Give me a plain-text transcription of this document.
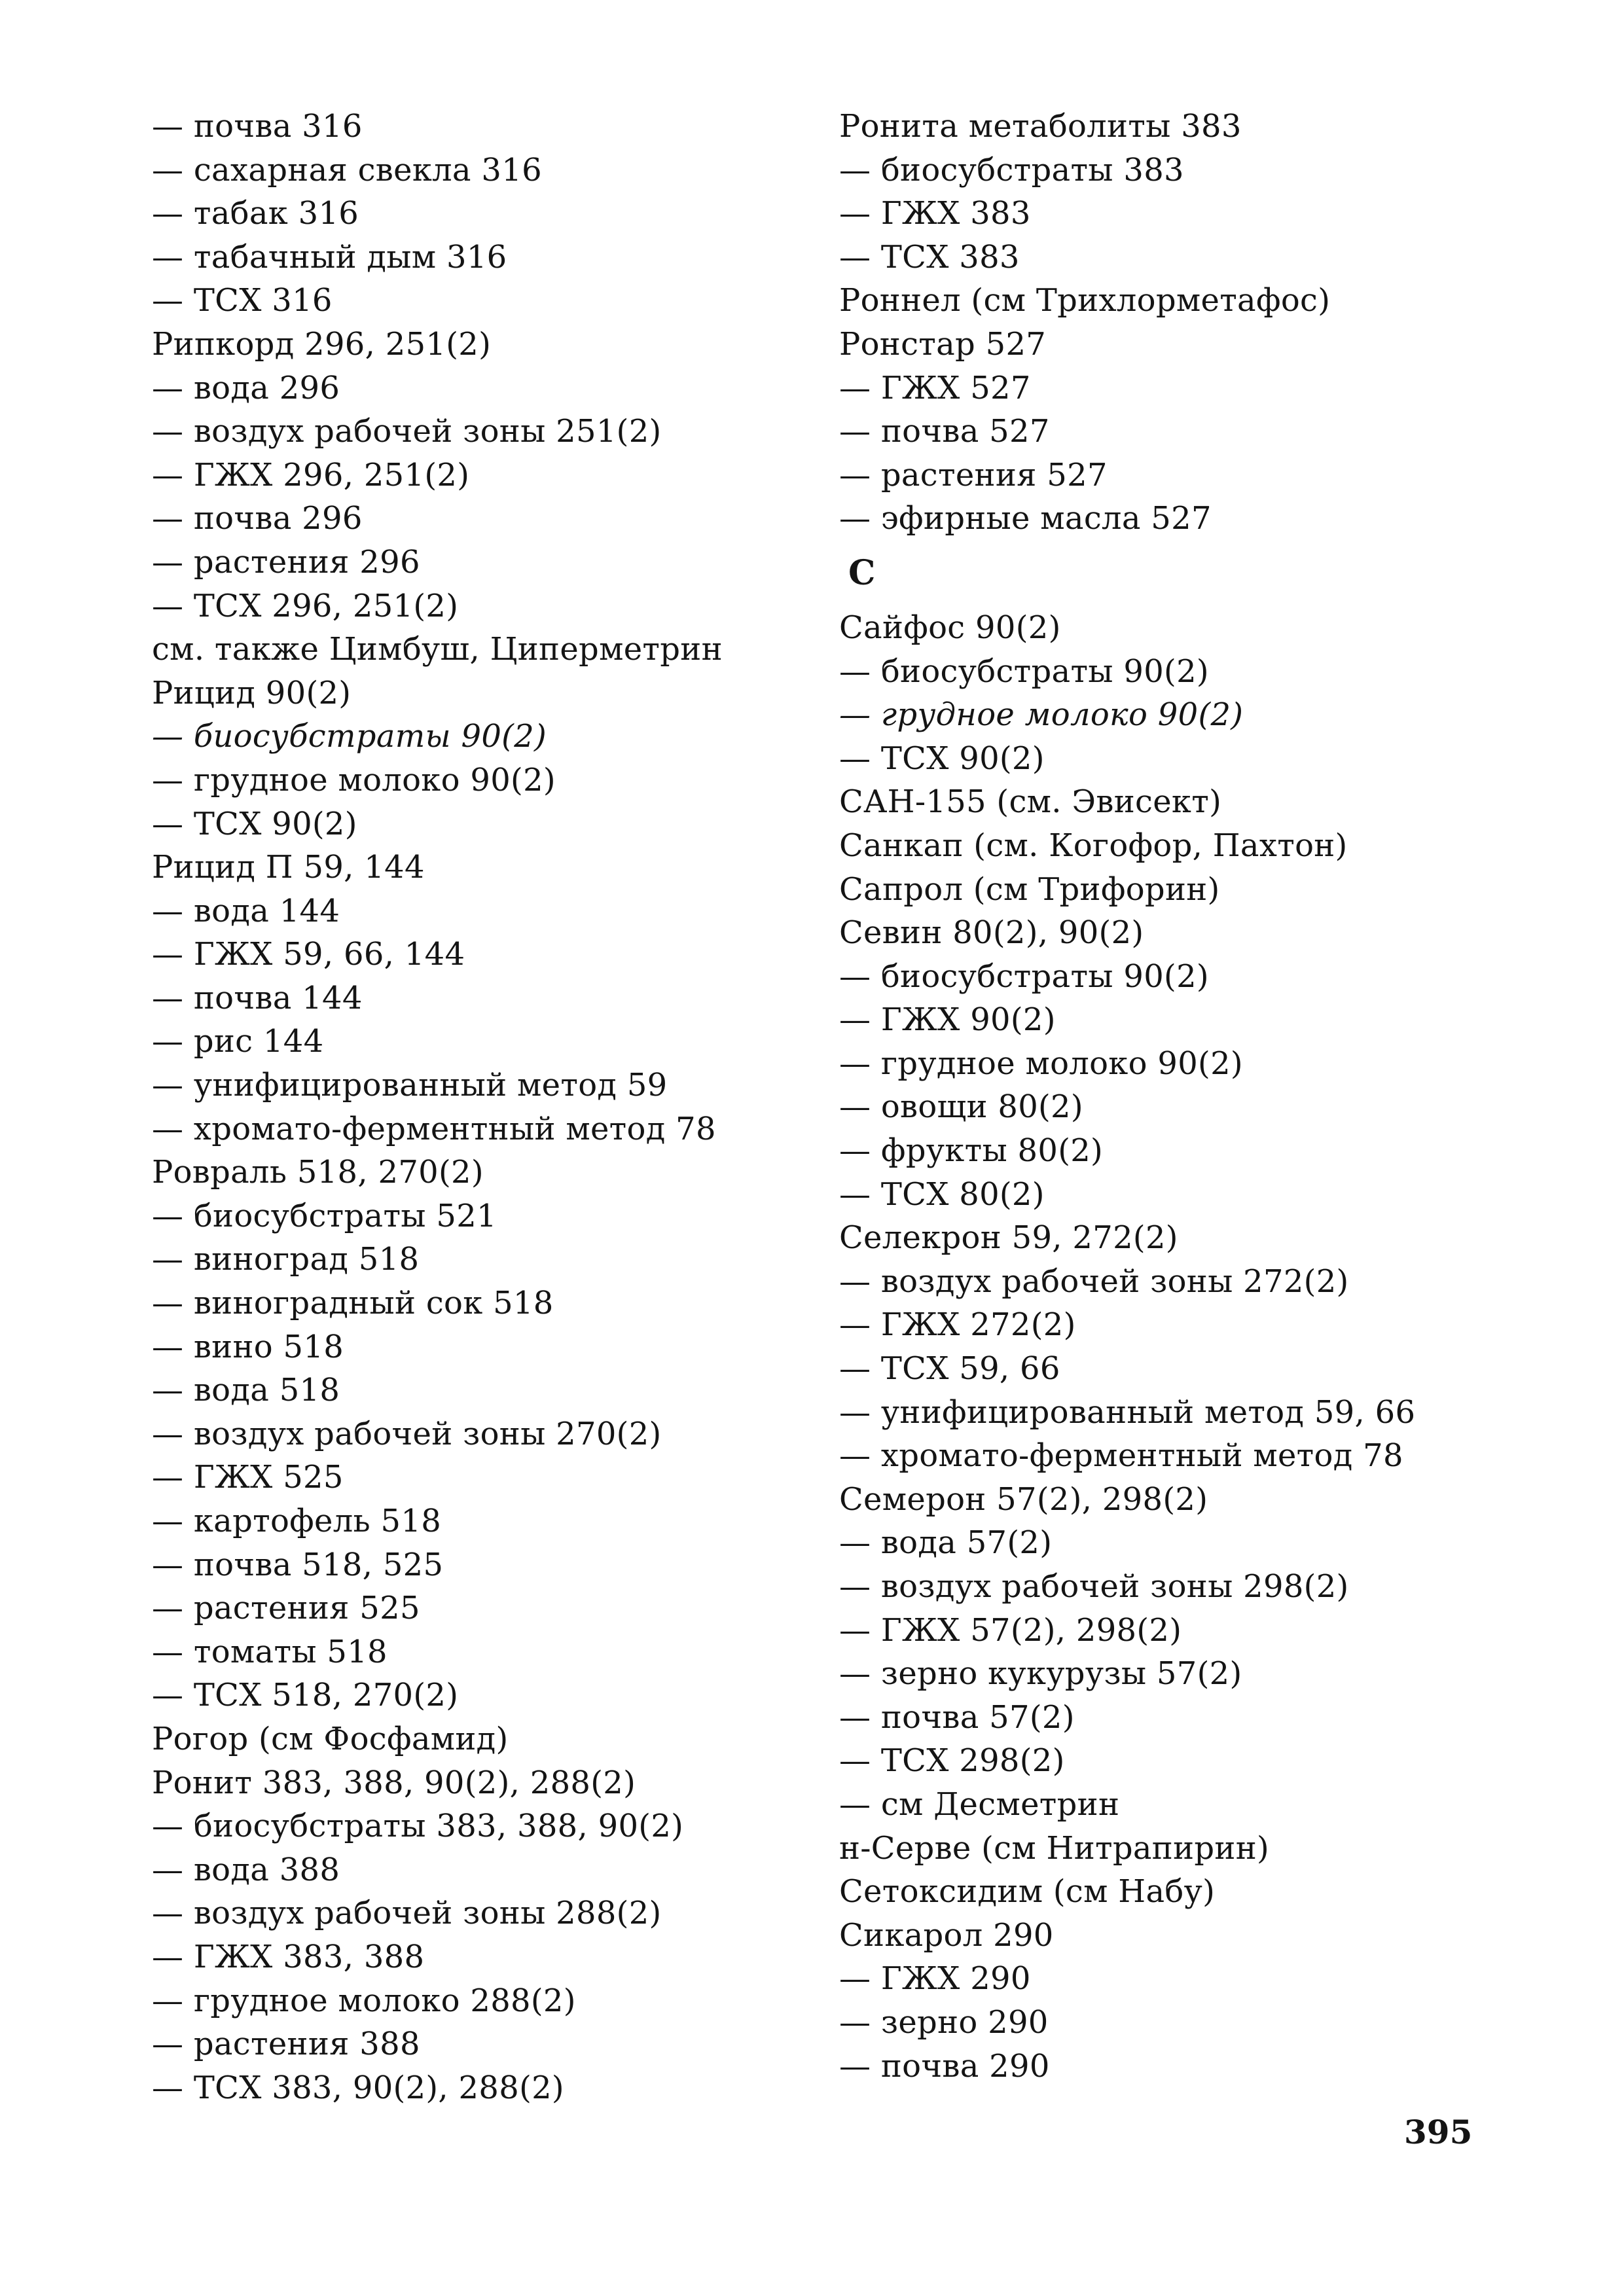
— почва 316
— сахарная свекла 316
— табак 316
— табачный дым 316
— ТСХ 316
Рипкорд 296, 251(2)
— вода 296
— воздух рабочей зоны 251(2)
— ГЖХ 296, 251(2)
— почва 296
— растения 296
— ТСХ 296, 251(2)
см. также Цимбуш, Циперметрин
Рицид 90(2)
— биосубстраты 90(2)
— грудное молоко 90(2)
— ТСХ 90(2)
Рицид П 59, 144
— вода 144
— ГЖХ 59, 66, 144
— почва 144
— рис 144
— унифицированный метод 59
— хромато-ферментный метод 78
Ровраль 518, 270(2)
— биосубстраты 521
— виноград 518
— виноградный сок 518
— вино 518
— вода 518
— воздух рабочей зоны 270(2)
— ГЖХ 525
— картофель 518
— почва 518, 525
— растения 525
— томаты 518
— ТСХ 518, 270(2)
Рогор (см Фосфамид)
Ронит 383, 388, 90(2), 288(2)
— биосубстраты 383, 388, 90(2)
— вода 388
— воздух рабочей зоны 288(2)
— ГЖХ 383, 388
— грудное молоко 288(2)
— растения 388
— ТСХ 383, 90(2), 288(2)
Ронита метаболиты 383
— биосубстраты 383
— ГЖХ 383
— ТСХ 383
Роннел (см Трихлорметафос)
Ронстар 527
— ГЖХ 527
— почва 527
— растения 527
— эфирные масла 527
С
Сайфос 90(2)
— биосубстраты 90(2)
— грудное молоко 90(2)
— ТСХ 90(2)
САН-155 (см. Эвисект)
Санкап (см. Когофор, Пахтон)
Сапрол (см Трифорин)
Севин 80(2), 90(2)
— биосубстраты 90(2)
— ГЖХ 90(2)
— грудное молоко 90(2)
— овощи 80(2)
— фрукты 80(2)
— ТСХ 80(2)
Селекрон 59, 272(2)
— воздух рабочей зоны 272(2)
— ГЖХ 272(2)
— ТСХ 59, 66
— унифицированный метод 59, 66
— хромато-ферментный метод 78
Семерон 57(2), 298(2)
— вода 57(2)
— воздух рабочей зоны 298(2)
— ГЖХ 57(2), 298(2)
— зерно кукурузы 57(2)
— почва 57(2)
— ТСХ 298(2)
— см Десметрин
н-Серве (см Нитрапирин)
Сетоксидим (см Набу)
Сикарол 290
— ГЖХ 290
— зерно 290
— почва 290
395
